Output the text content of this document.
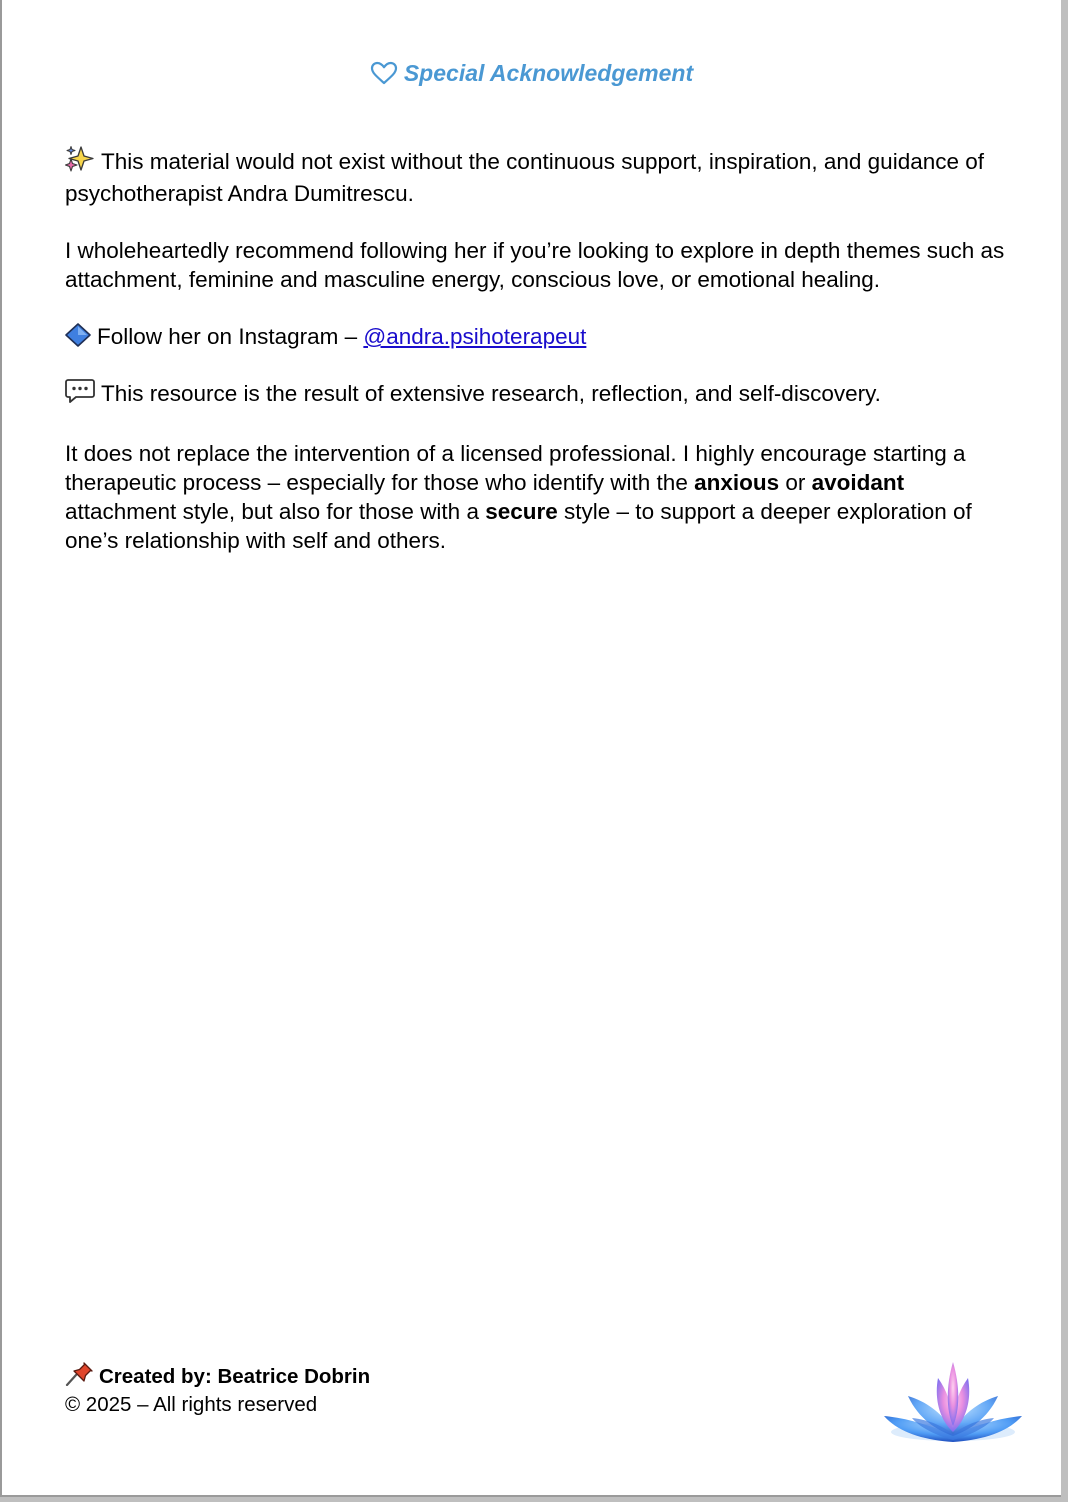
Special Acknowledgement

This material would not exist without the continuous support, inspiration, and guidance of psychotherapist Andra Dumitrescu.

I wholeheartedly recommend following her if you’re looking to explore in depth themes such as attachment, feminine and masculine energy, conscious love, or emotional healing.

Follow her on Instagram – @andra.psihoterapeut

This resource is the result of extensive research, reflection, and self-discovery.

It does not replace the intervention of a licensed professional. I highly encourage starting a therapeutic process – especially for those who identify with the anxious or avoidant attachment style, but also for those with a secure style – to support a deeper exploration of one’s relationship with self and others.

Created by: Beatrice Dobrin
© 2025 – All rights reserved
